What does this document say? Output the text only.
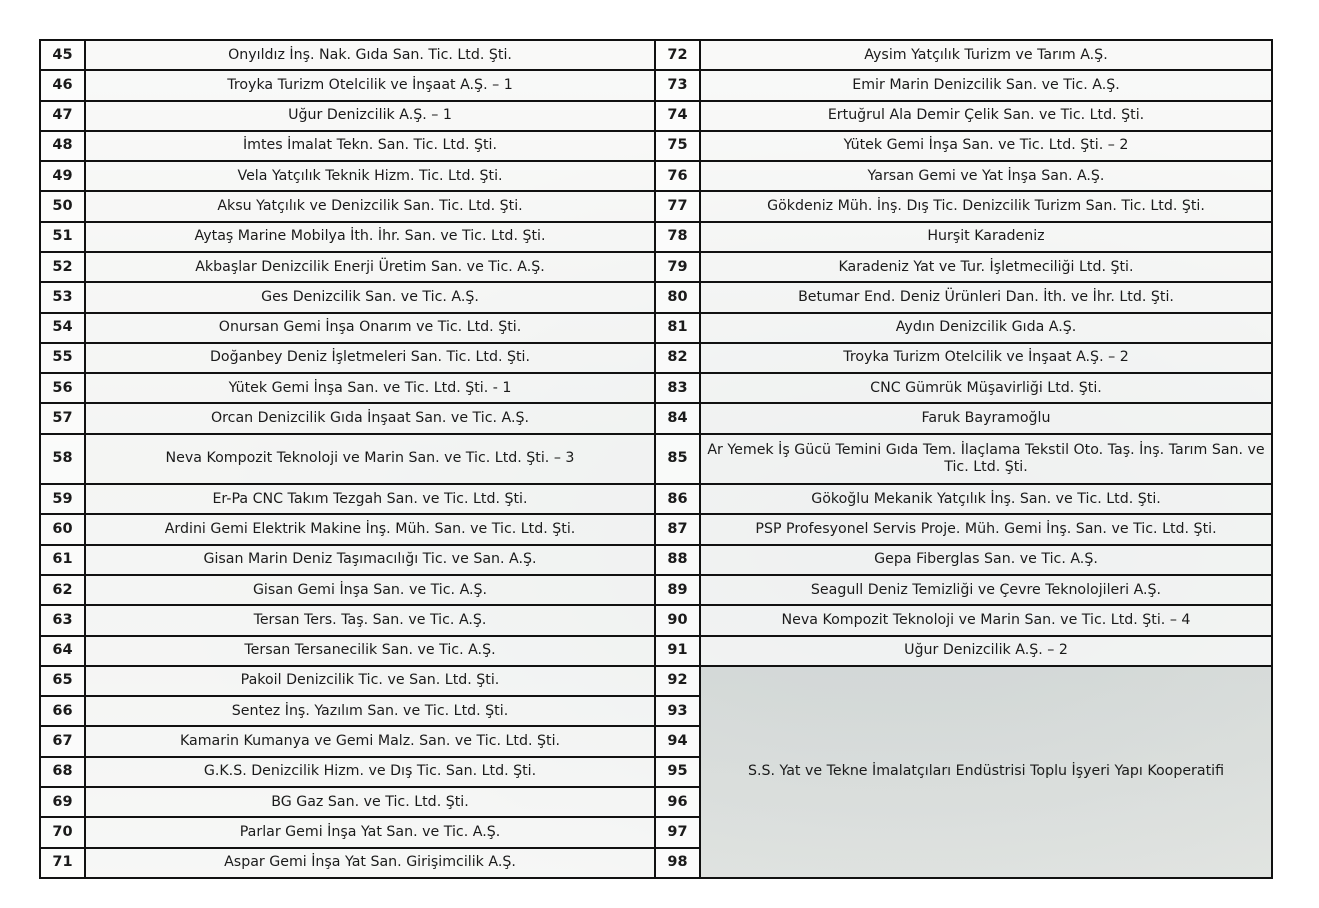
45	Onyıldız İnş. Nak. Gıda San. Tic. Ltd. Şti.	72	Aysim Yatçılık Turizm ve Tarım A.Ş.
46	Troyka Turizm Otelcilik ve İnşaat A.Ş. – 1	73	Emir Marin Denizcilik San. ve Tic. A.Ş.
47	Uğur Denizcilik A.Ş. – 1	74	Ertuğrul Ala Demir Çelik San. ve Tic. Ltd. Şti.
48	İmtes İmalat Tekn. San. Tic. Ltd. Şti.	75	Yütek Gemi İnşa San. ve Tic. Ltd. Şti. – 2
49	Vela Yatçılık Teknik Hizm. Tic. Ltd. Şti.	76	Yarsan Gemi ve Yat İnşa San. A.Ş.
50	Aksu Yatçılık ve Denizcilik San. Tic. Ltd. Şti.	77	Gökdeniz Müh. İnş. Dış Tic. Denizcilik Turizm San. Tic. Ltd. Şti.
51	Aytaş Marine Mobilya İth. İhr. San. ve Tic. Ltd. Şti.	78	Hurşit Karadeniz
52	Akbaşlar Denizcilik Enerji Üretim San. ve Tic. A.Ş.	79	Karadeniz Yat ve Tur. İşletmeciliği Ltd. Şti.
53	Ges Denizcilik San. ve Tic. A.Ş.	80	Betumar End. Deniz Ürünleri Dan. İth. ve İhr. Ltd. Şti.
54	Onursan Gemi İnşa Onarım ve Tic. Ltd. Şti.	81	Aydın Denizcilik Gıda A.Ş.
55	Doğanbey Deniz İşletmeleri San. Tic. Ltd. Şti.	82	Troyka Turizm Otelcilik ve İnşaat A.Ş. – 2
56	Yütek Gemi İnşa San. ve Tic. Ltd. Şti. - 1	83	CNC Gümrük Müşavirliği Ltd. Şti.
57	Orcan Denizcilik Gıda İnşaat San. ve Tic. A.Ş.	84	Faruk Bayramoğlu
58	Neva Kompozit Teknoloji ve Marin San. ve Tic. Ltd. Şti. – 3	85	Ar Yemek İş Gücü Temini Gıda Tem. İlaçlama Tekstil Oto. Taş. İnş. Tarım San. ve Tic. Ltd. Şti.
59	Er-Pa CNC Takım Tezgah San. ve Tic. Ltd. Şti.	86	Gökoğlu Mekanik Yatçılık İnş. San. ve Tic. Ltd. Şti.
60	Ardini Gemi Elektrik Makine İnş. Müh. San. ve Tic. Ltd. Şti.	87	PSP Profesyonel Servis Proje. Müh. Gemi İnş. San. ve Tic. Ltd. Şti.
61	Gisan Marin Deniz Taşımacılığı Tic. ve San. A.Ş.	88	Gepa Fiberglas San. ve Tic. A.Ş.
62	Gisan Gemi İnşa San. ve Tic. A.Ş.	89	Seagull Deniz Temizliği ve Çevre Teknolojileri A.Ş.
63	Tersan Ters. Taş. San. ve Tic. A.Ş.	90	Neva Kompozit Teknoloji ve Marin San. ve Tic. Ltd. Şti. – 4
64	Tersan Tersanecilik San. ve Tic. A.Ş.	91	Uğur Denizcilik A.Ş. – 2
65	Pakoil Denizcilik Tic. ve San. Ltd. Şti.	92	S.S. Yat ve Tekne İmalatçıları Endüstrisi Toplu İşyeri Yapı Kooperatifi
66	Sentez İnş. Yazılım San. ve Tic. Ltd. Şti.	93	
67	Kamarin Kumanya ve Gemi Malz. San. ve Tic. Ltd. Şti.	94	
68	G.K.S. Denizcilik Hizm. ve Dış Tic. San. Ltd. Şti.	95	
69	BG Gaz San. ve Tic. Ltd. Şti.	96	
70	Parlar Gemi İnşa Yat San. ve Tic. A.Ş.	97	
71	Aspar Gemi İnşa Yat San. Girişimcilik A.Ş.	98	
